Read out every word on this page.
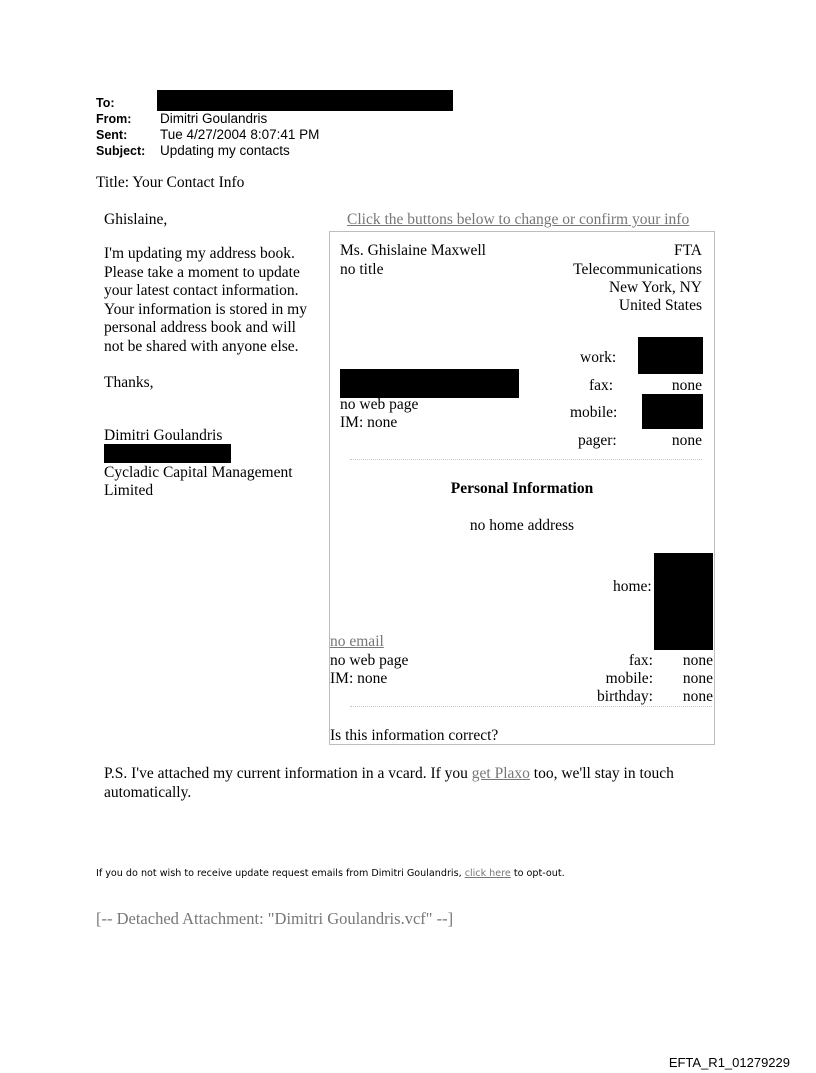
To:
From: Dimitri Goulandris
Sent: Tue 4/27/2004 8:07:41 PM
Subject: Updating my contacts
Title: Your Contact Info
Ghislaine,
I'm updating my address book.
Please take a moment to update
your latest contact information.
Your information is stored in my
personal address book and will
not be shared with anyone else.
Thanks,
Dimitri Goulandris
Cycladic Capital Management
Limited
Click the buttons below to change or confirm your info
Ms. Ghislaine Maxwell
no title
FTA
Telecommunications
New York, NY
United States
work:
fax:	none
no web page
IM: none
mobile:
pager:	none
Personal Information
no home address
home:
no email
no web page
IM: none
fax:	none
mobile:	none
birthday:	none
Is this information correct?
P.S. I've attached my current information in a vcard. If you get Plaxo too, we'll stay in touch
automatically.
If you do not wish to receive update request emails from Dimitri Goulandris, click here to opt-out.
[-- Detached Attachment: "Dimitri Goulandris.vcf" --]
EFTA_R1_01279229
